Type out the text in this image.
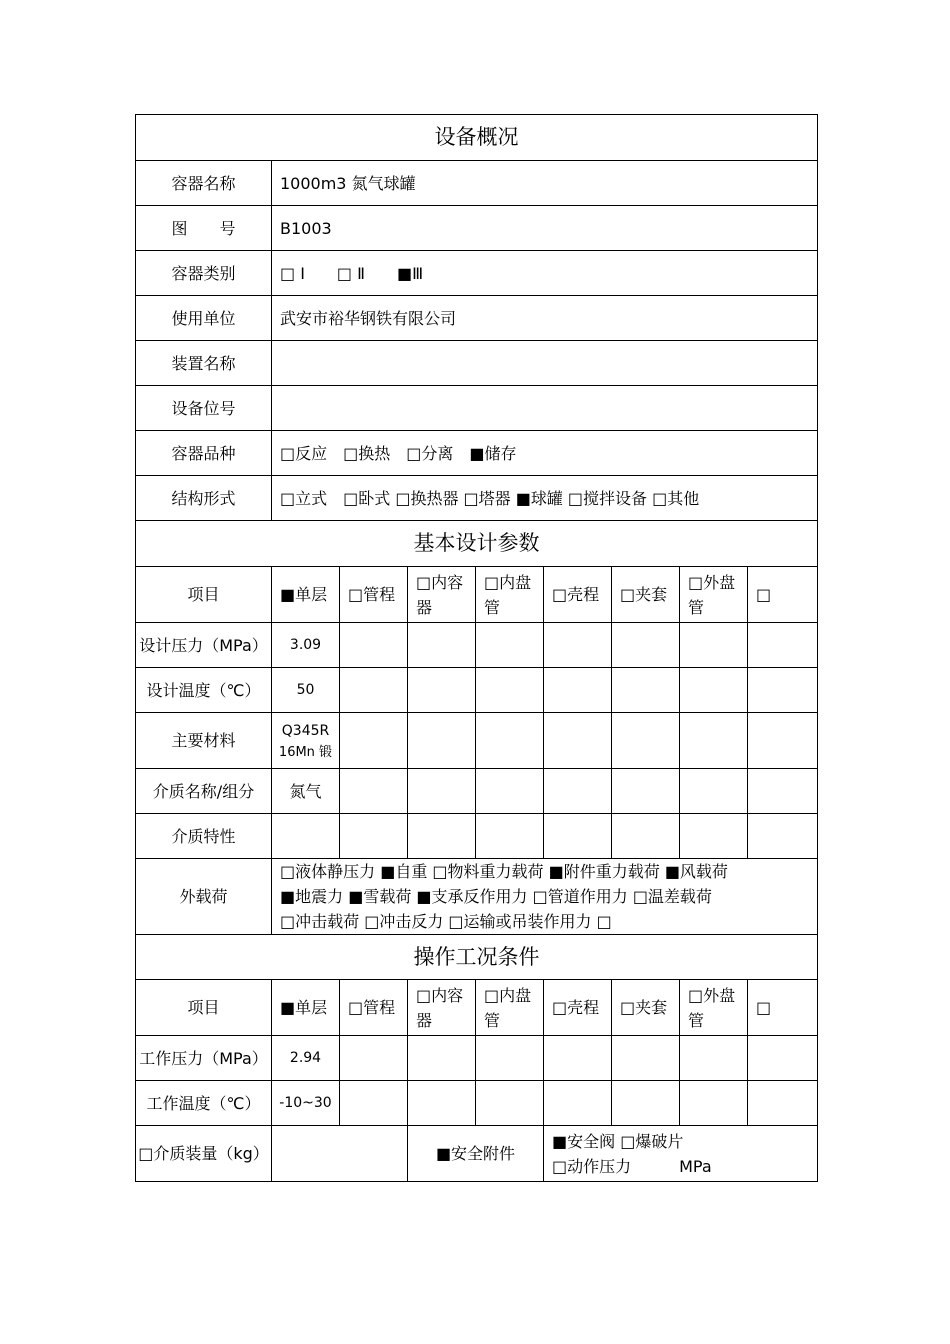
设备概况								
容器名称	1000m3 氮气球罐							
图　　号	B1003							
容器类别	□ Ⅰ　　□ Ⅱ　　■Ⅲ							
使用单位	武安市裕华钢铁有限公司							
装置名称								
设备位号								
容器品种	□反应　□换热　□分离　■储存							
结构形式	□立式　□卧式 □换热器 □塔器 ■球罐 □搅拌设备 □其他							
基本设计参数								
项目	■单层	□管程	□内容器	□内盘管	□壳程	□夹套	□外盘管	□
设计压力（MPa）	3.09							
设计温度（℃）	50							
主要材料	Q345R
16Mn 锻							

介质名称/组分	氮气							
介质特性								
外载荷	□液体静压力 ■自重 □物料重力载荷 ■附件重力载荷 ■风载荷
■地震力 ■雪载荷 ■支承反作用力 □管道作用力 □温差载荷
□冲击载荷 □冲击反力 □运输或吊装作用力 □							

操作工况条件								
项目	■单层	□管程	□内容器	□内盘管	□壳程	□夹套	□外盘管	□
工作压力（MPa）	2.94							
工作温度（℃）	-10~30							
□介质装量（kg）			■安全附件		■安全阀 □爆破片
□动作压力　　　MPa			
